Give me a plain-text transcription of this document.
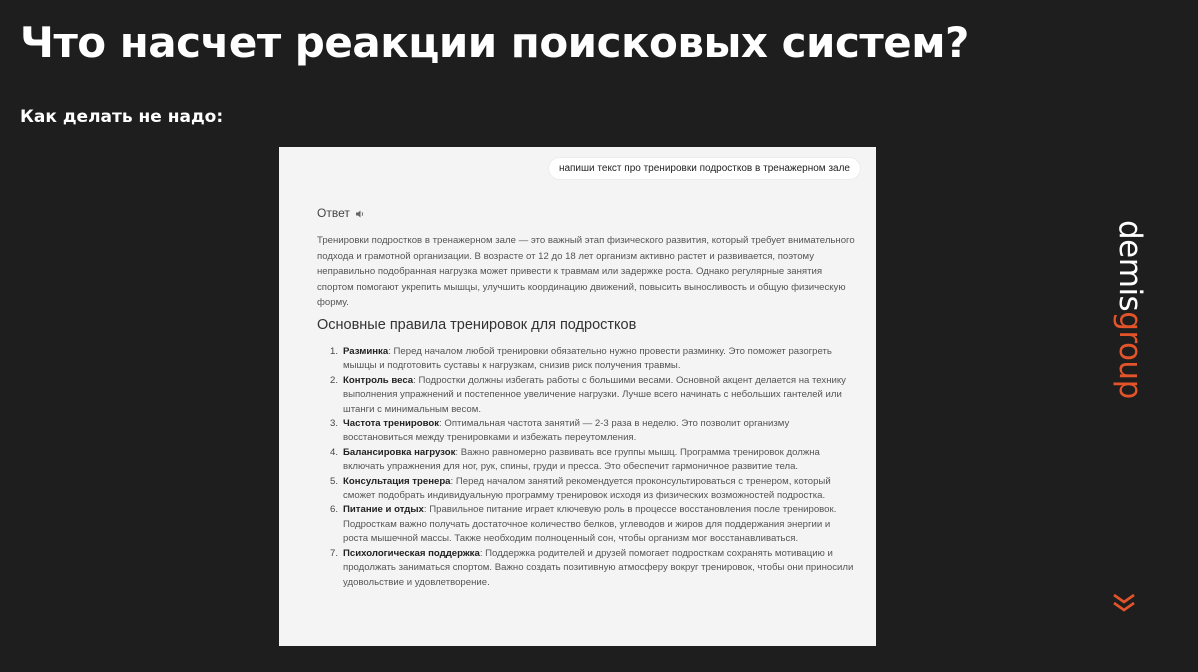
Что насчет реакции поисковых систем?
Как делать не надо:
напиши текст про тренировки подростков в тренажерном зале
Ответ

Тренировки подростков в тренажерном зале — это важный этап физического развития, который требует внимательного подхода и грамотной организации. В возрасте от 12 до 18 лет организм активно растет и развивается, поэтому неправильно подобранная нагрузка может привести к травмам или задержке роста. Однако регулярные занятия спортом помогают укрепить мышцы, улучшить координацию движений, повысить выносливость и общую физическую форму.

Основные правила тренировок для подростков
1. Разминка: Перед началом любой тренировки обязательно нужно провести разминку. Это поможет разогреть мышцы и подготовить суставы к нагрузкам, снизив риск получения травмы.
2. Контроль веса: Подростки должны избегать работы с большими весами. Основной акцент делается на технику выполнения упражнений и постепенное увеличение нагрузки. Лучше всего начинать с небольших гантелей или штанги с минимальным весом.
3. Частота тренировок: Оптимальная частота занятий — 2-3 раза в неделю. Это позволит организму восстановиться между тренировками и избежать переутомления.
4. Балансировка нагрузок: Важно равномерно развивать все группы мышц. Программа тренировок должна включать упражнения для ног, рук, спины, груди и пресса. Это обеспечит гармоничное развитие тела.
5. Консультация тренера: Перед началом занятий рекомендуется проконсультироваться с тренером, который сможет подобрать индивидуальную программу тренировок исходя из физических возможностей подростка.
6. Питание и отдых: Правильное питание играет ключевую роль в процессе восстановления после тренировок. Подросткам важно получать достаточное количество белков, углеводов и жиров для поддержания энергии и роста мышечной массы. Также необходим полноценный сон, чтобы организм мог восстанавливаться.
7. Психологическая поддержка: Поддержка родителей и друзей помогает подросткам сохранять мотивацию и продолжать заниматься спортом. Важно создать позитивную атмосферу вокруг тренировок, чтобы они приносили удовольствие и удовлетворение.
demisgroup
